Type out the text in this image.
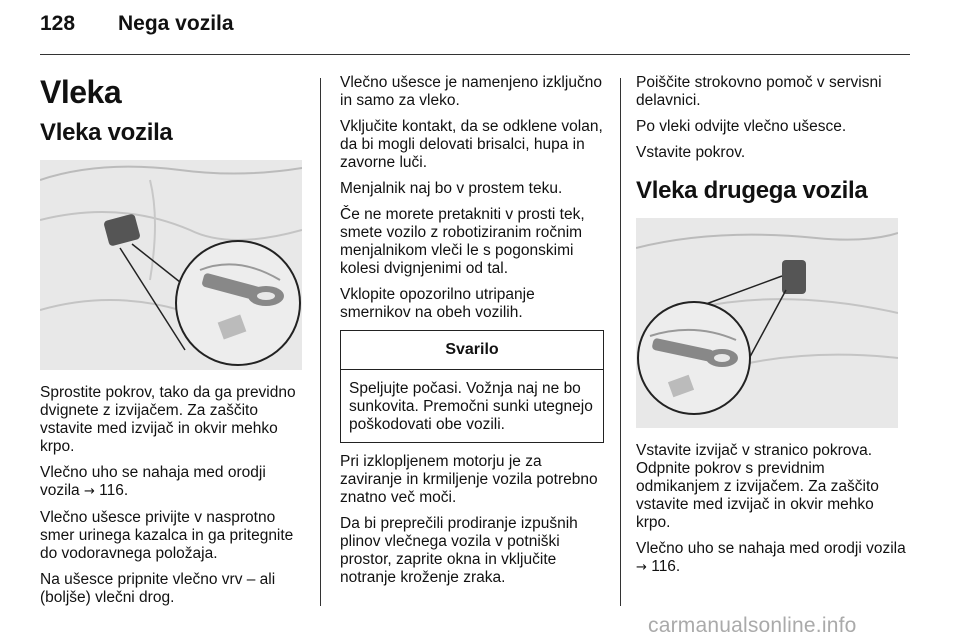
128 Nega vozila
Vleka
Vleka vozila

Sprostite pokrov, tako da ga previdno dvignete z izvijačem. Za zaščito vstavite med izvijač in okvir mehko krpo.

Vlečno uho se nahaja med orodji vozila → 116.

Vlečno ušesce privijte v nasprotno smer urinega kazalca in ga pritegnite do vodoravnega položaja.

Na ušesce pripnite vlečno vrv – ali (boljše) vlečni drog.

Vlečno ušesce je namenjeno izključno in samo za vleko.

Vključite kontakt, da se odklene volan, da bi mogli delovati brisalci, hupa in zavorne luči.

Menjalnik naj bo v prostem teku.

Če ne morete pretakniti v prosti tek, smete vozilo z robotiziranim ročnim menjalnikom vleči le s pogonskimi kolesi dvignjenimi od tal.

Vklopite opozorilno utripanje smernikov na obeh vozilih.

Svarilo
Speljujte počasi. Vožnja naj ne bo sunkovita. Premočni sunki utegnejo poškodovati obe vozili.

Pri izklopljenem motorju je za zaviranje in krmiljenje vozila potrebno znatno več moči.

Da bi preprečili prodiranje izpušnih plinov vlečnega vozila v potniški prostor, zaprite okna in vključite notranje kroženje zraka.

Poiščite strokovno pomoč v servisni delavnici.

Po vleki odvijte vlečno ušesce.

Vstavite pokrov.

Vleka drugega vozila

Vstavite izvijač v stranico pokrova. Odpnite pokrov s previdnim odmikanjem z izvijačem. Za zaščito vstavite med izvijač in okvir mehko krpo.

Vlečno uho se nahaja med orodji vozila → 116.

carmanualsonline.info
